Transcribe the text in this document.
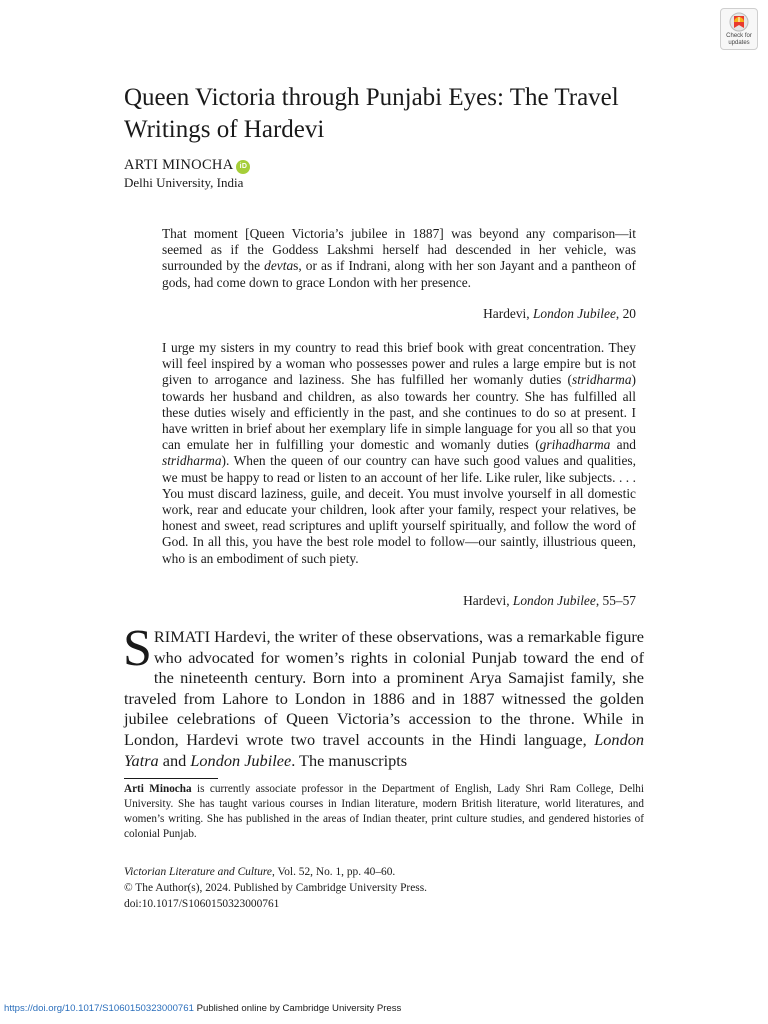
Check for
updates
Queen Victoria through Punjabi Eyes: The Travel Writings of Hardevi
ARTI MINOCHA iD
Delhi University, India

That moment [Queen Victoria’s jubilee in 1887] was beyond any comparison—it seemed as if the Goddess Lakshmi herself had descended in her vehicle, was surrounded by the devtas, or as if Indrani, along with her son Jayant and a pantheon of gods, had come down to grace London with her presence.

Hardevi, London Jubilee, 20

I urge my sisters in my country to read this brief book with great concentration. They will feel inspired by a woman who possesses power and rules a large empire but is not given to arrogance and laziness. She has fulfilled her womanly duties (stridharma) towards her husband and children, as also towards her country. She has fulfilled all these duties wisely and efficiently in the past, and she continues to do so at present. I have written in brief about her exemplary life in simple language for you all so that you can emulate her in fulfilling your domestic and womanly duties (grihadharma and stridharma). When the queen of our country can have such good values and qualities, we must be happy to read or listen to an account of her life. Like ruler, like subjects. . . . You must discard laziness, guile, and deceit. You must involve yourself in all domestic work, rear and educate your children, look after your family, respect your relatives, be honest and sweet, read scriptures and uplift yourself spiritually, and follow the word of God. In all this, you have the best role model to follow—our saintly, illustrious queen, who is an embodiment of such piety.

Hardevi, London Jubilee, 55–57

SRIMATI Hardevi, the writer of these observations, was a remarkable figure who advocated for women’s rights in colonial Punjab toward the end of the nineteenth century. Born into a prominent Arya Samajist family, she traveled from Lahore to London in 1886 and in 1887 witnessed the golden jubilee celebrations of Queen Victoria’s accession to the throne. While in London, Hardevi wrote two travel accounts in the Hindi language, London Yatra and London Jubilee. The manuscripts

Arti Minocha is currently associate professor in the Department of English, Lady Shri Ram College, Delhi University. She has taught various courses in Indian literature, modern British literature, world literatures, and women’s writing. She has published in the areas of Indian theater, print culture studies, and gendered histories of colonial Punjab.

Victorian Literature and Culture, Vol. 52, No. 1, pp. 40–60.
© The Author(s), 2024. Published by Cambridge University Press.
doi:10.1017/S1060150323000761
https://doi.org/10.1017/S1060150323000761 Published online by Cambridge University Press
